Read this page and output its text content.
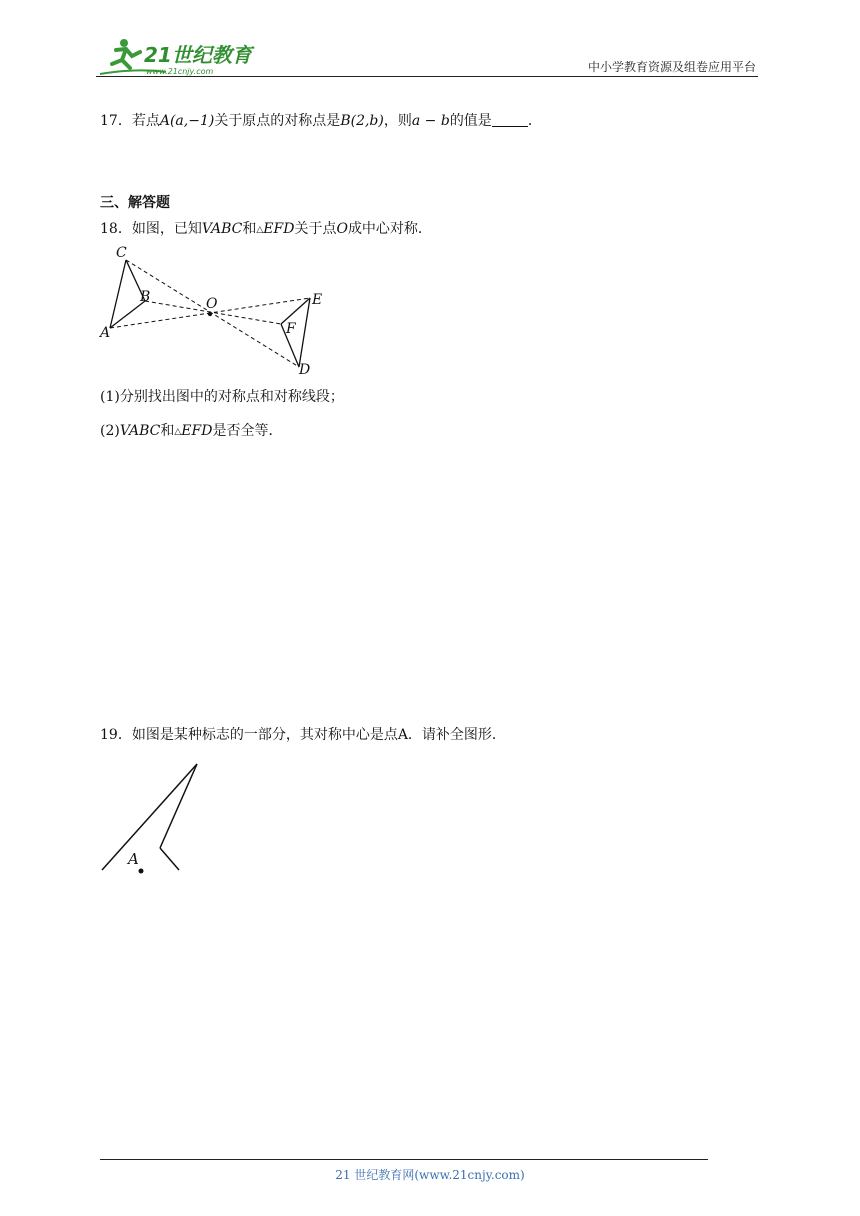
21世纪教育
www.21cnjy.com	中小学教育资源及组卷应用平台
17．若点A(a,−1)关于原点的对称点是B(2,b)，则a − b的值是	．
三、解答题
18．如图，已知VABC和△EFD关于点O成中心对称．
C
B
A
O	E
F
D
(1)分别找出图中的对称点和对称线段；
(2)VABC和△EFD是否全等．
19．如图是某种标志的一部分，其对称中心是点A．请补全图形．
A
21 世纪教育网(www.21cnjy.com)
